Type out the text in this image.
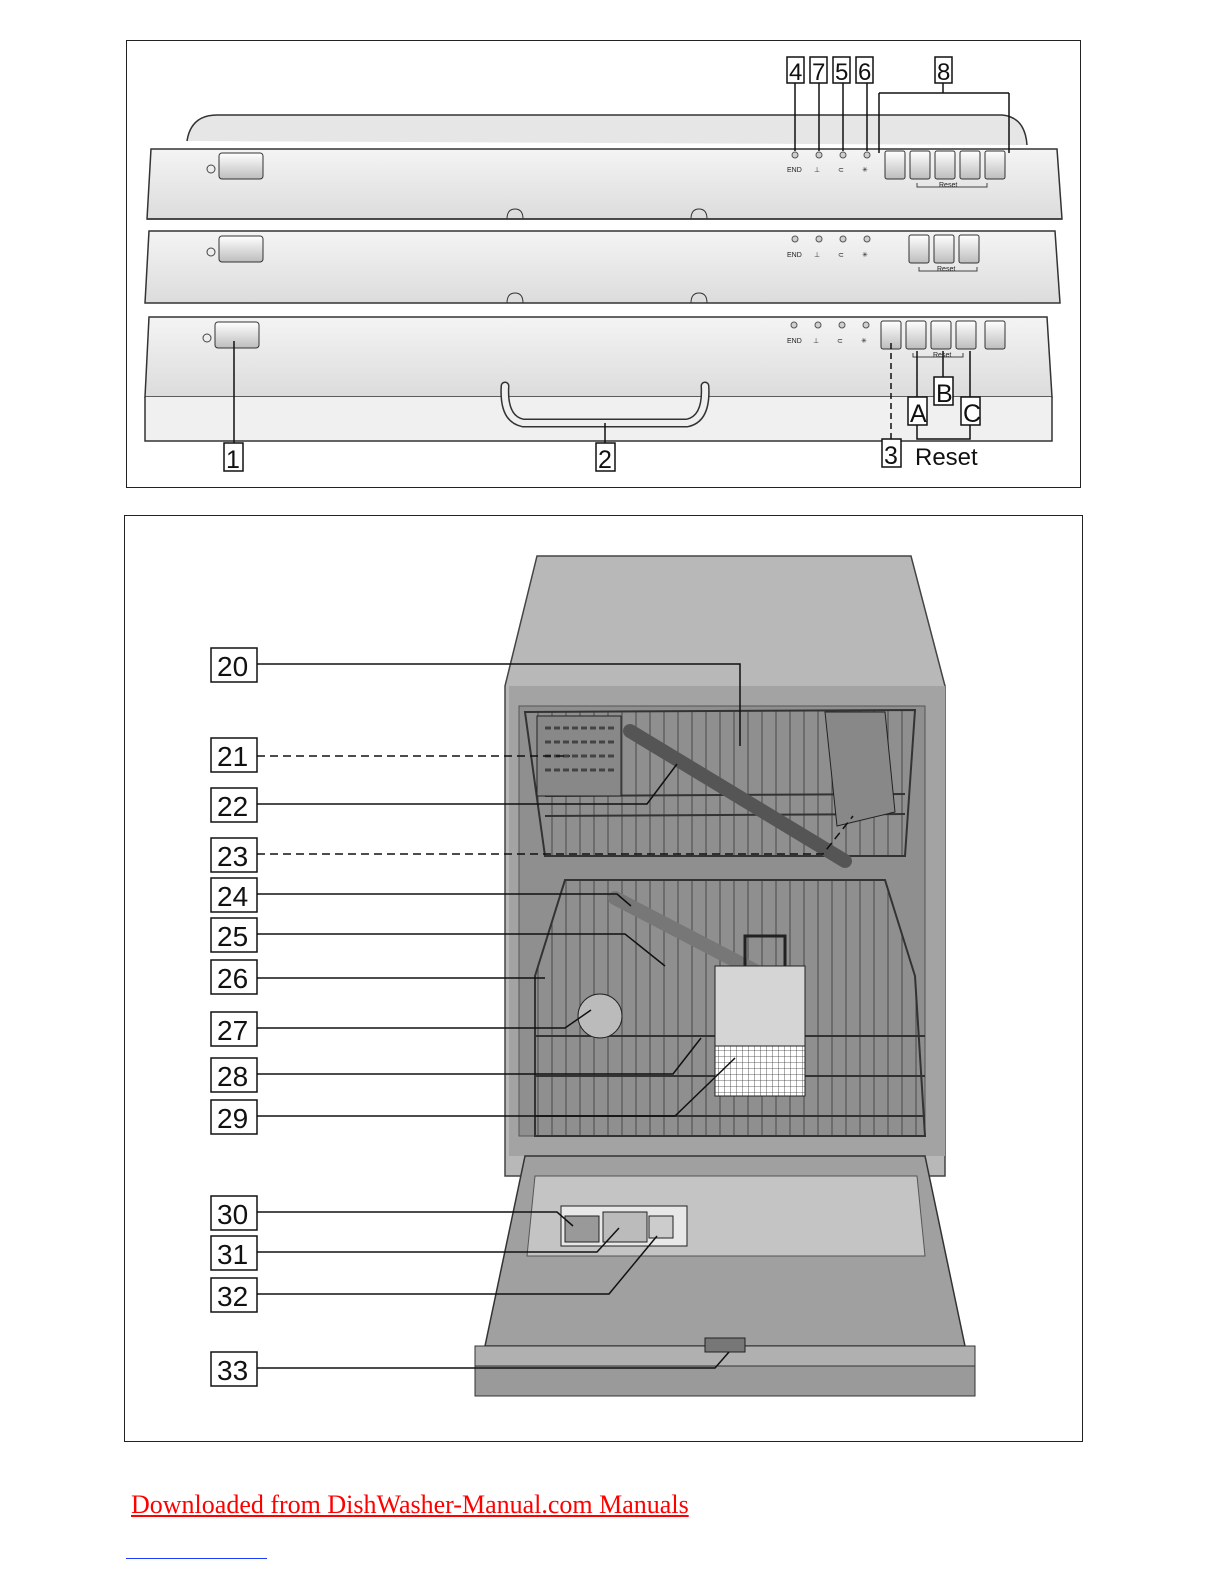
END ⊥	⊂	✳
Reset
END ⊥	⊂	✳
Reset
END ⊥	⊂	✳
Reset
4 7 5 6	8
1	2	3
A
B
C
Reset
20
21
22
23
24
25
26
27
28
29
30
31
32
33
Downloaded from DishWasher-Manual.com Manuals
